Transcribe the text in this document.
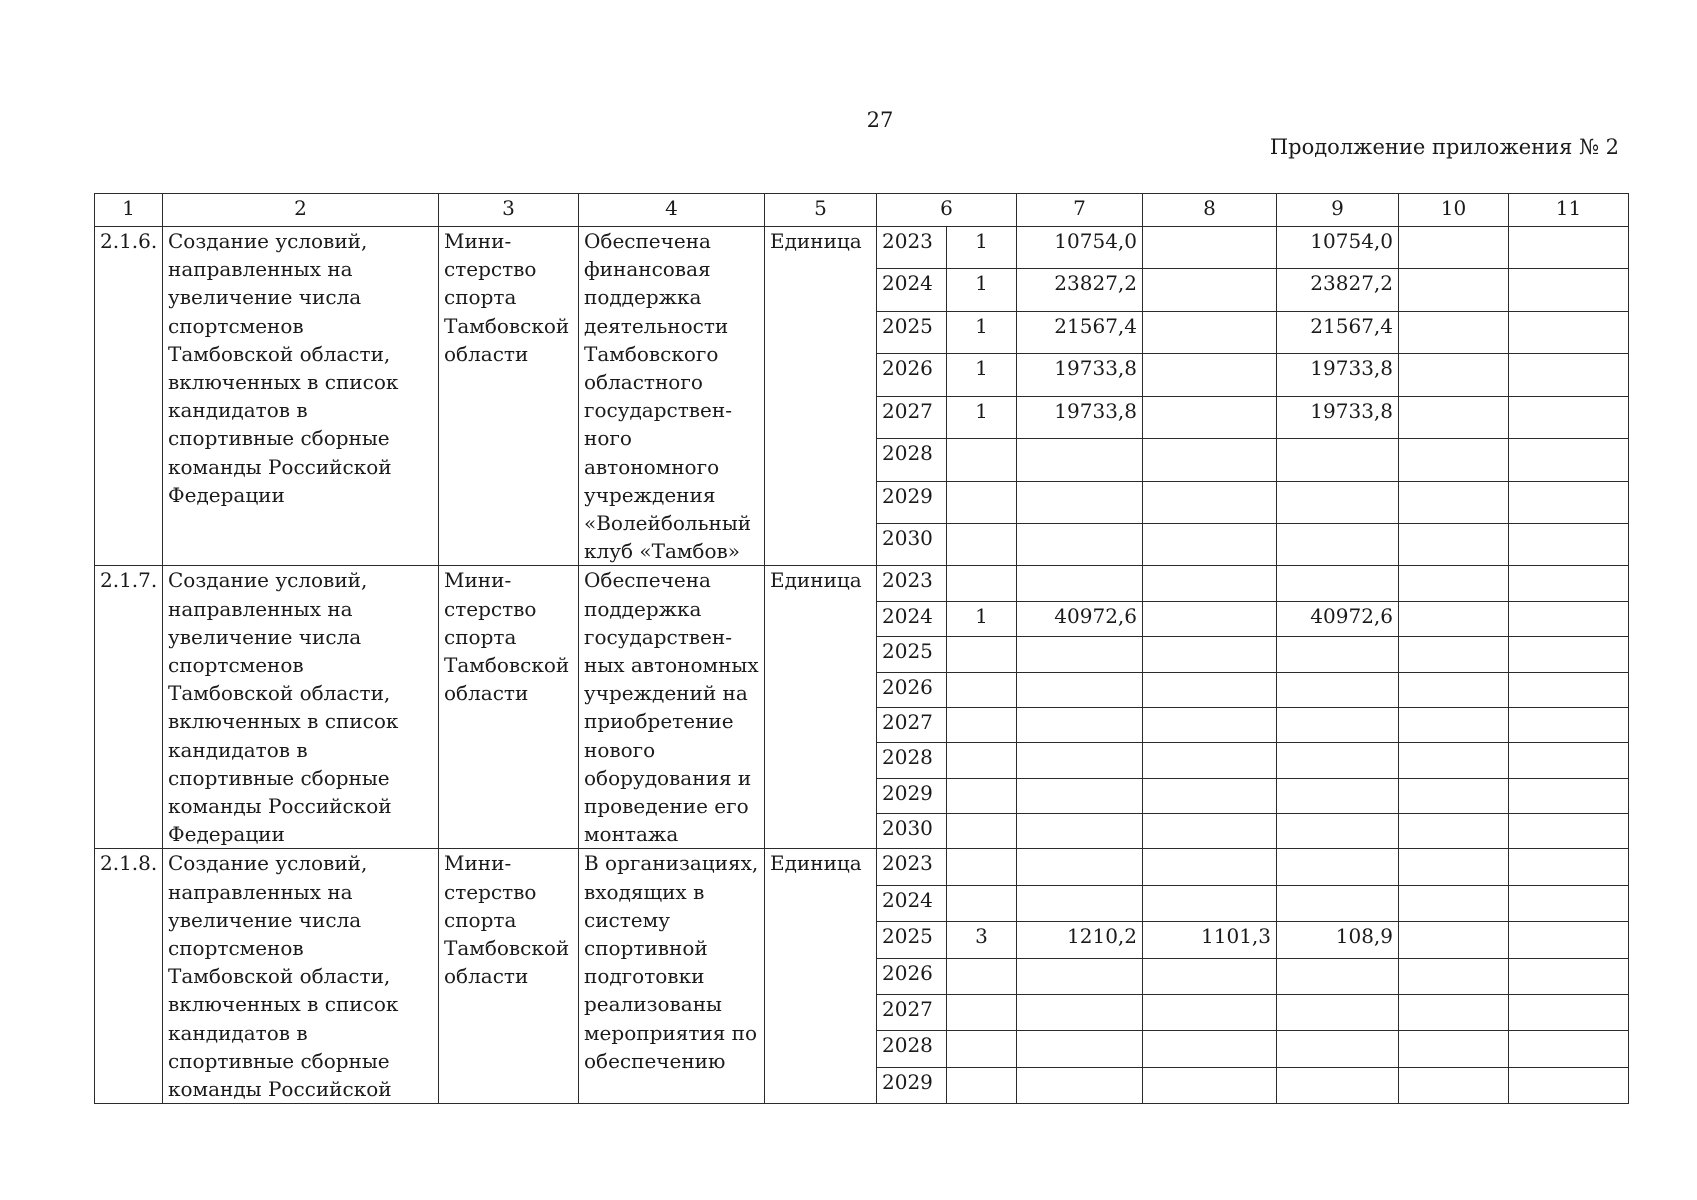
27
Продолжение приложения № 2
1	2	3	4	5	6		7	8	9	10	11
2.1.6.	Создание условий, направленных на увеличение числа спортсменов Тамбовской области, включенных в список кандидатов в спортивные сборные команды Российской Федерации	Мини-стерство спорта Тамбовской области	Обеспечена финансовая поддержка деятельности Тамбовского областного государствен-ного автономного учреждения «Волейбольный клуб «Тамбов»	Единица	2023	1	10754,0		10754,0		
					2024	1	23827,2		23827,2		
					2025	1	21567,4		21567,4		
					2026	1	19733,8		19733,8		
					2027	1	19733,8		19733,8		
					2028						
					2029						
					2030						
2.1.7.	Создание условий, направленных на увеличение числа спортсменов Тамбовской области, включенных в список кандидатов в спортивные сборные команды Российской Федерации	Мини-стерство спорта Тамбовской области	Обеспечена поддержка государствен-ных автономных учреждений на приобретение нового оборудования и проведение его монтажа	Единица	2023						
					2024	1	40972,6		40972,6		
					2025						
					2026						
					2027						
					2028						
					2029						
					2030						
2.1.8.	Создание условий, направленных на увеличение числа спортсменов Тамбовской области, включенных в список кандидатов в спортивные сборные команды Российской	Мини-стерство спорта Тамбовской области	В организациях, входящих в систему спортивной подготовки реализованы мероприятия по обеспечению	Единица	2023						
					2024						
					2025	3	1210,2	1101,3	108,9		
					2026						
					2027						
					2028						
					2029						
